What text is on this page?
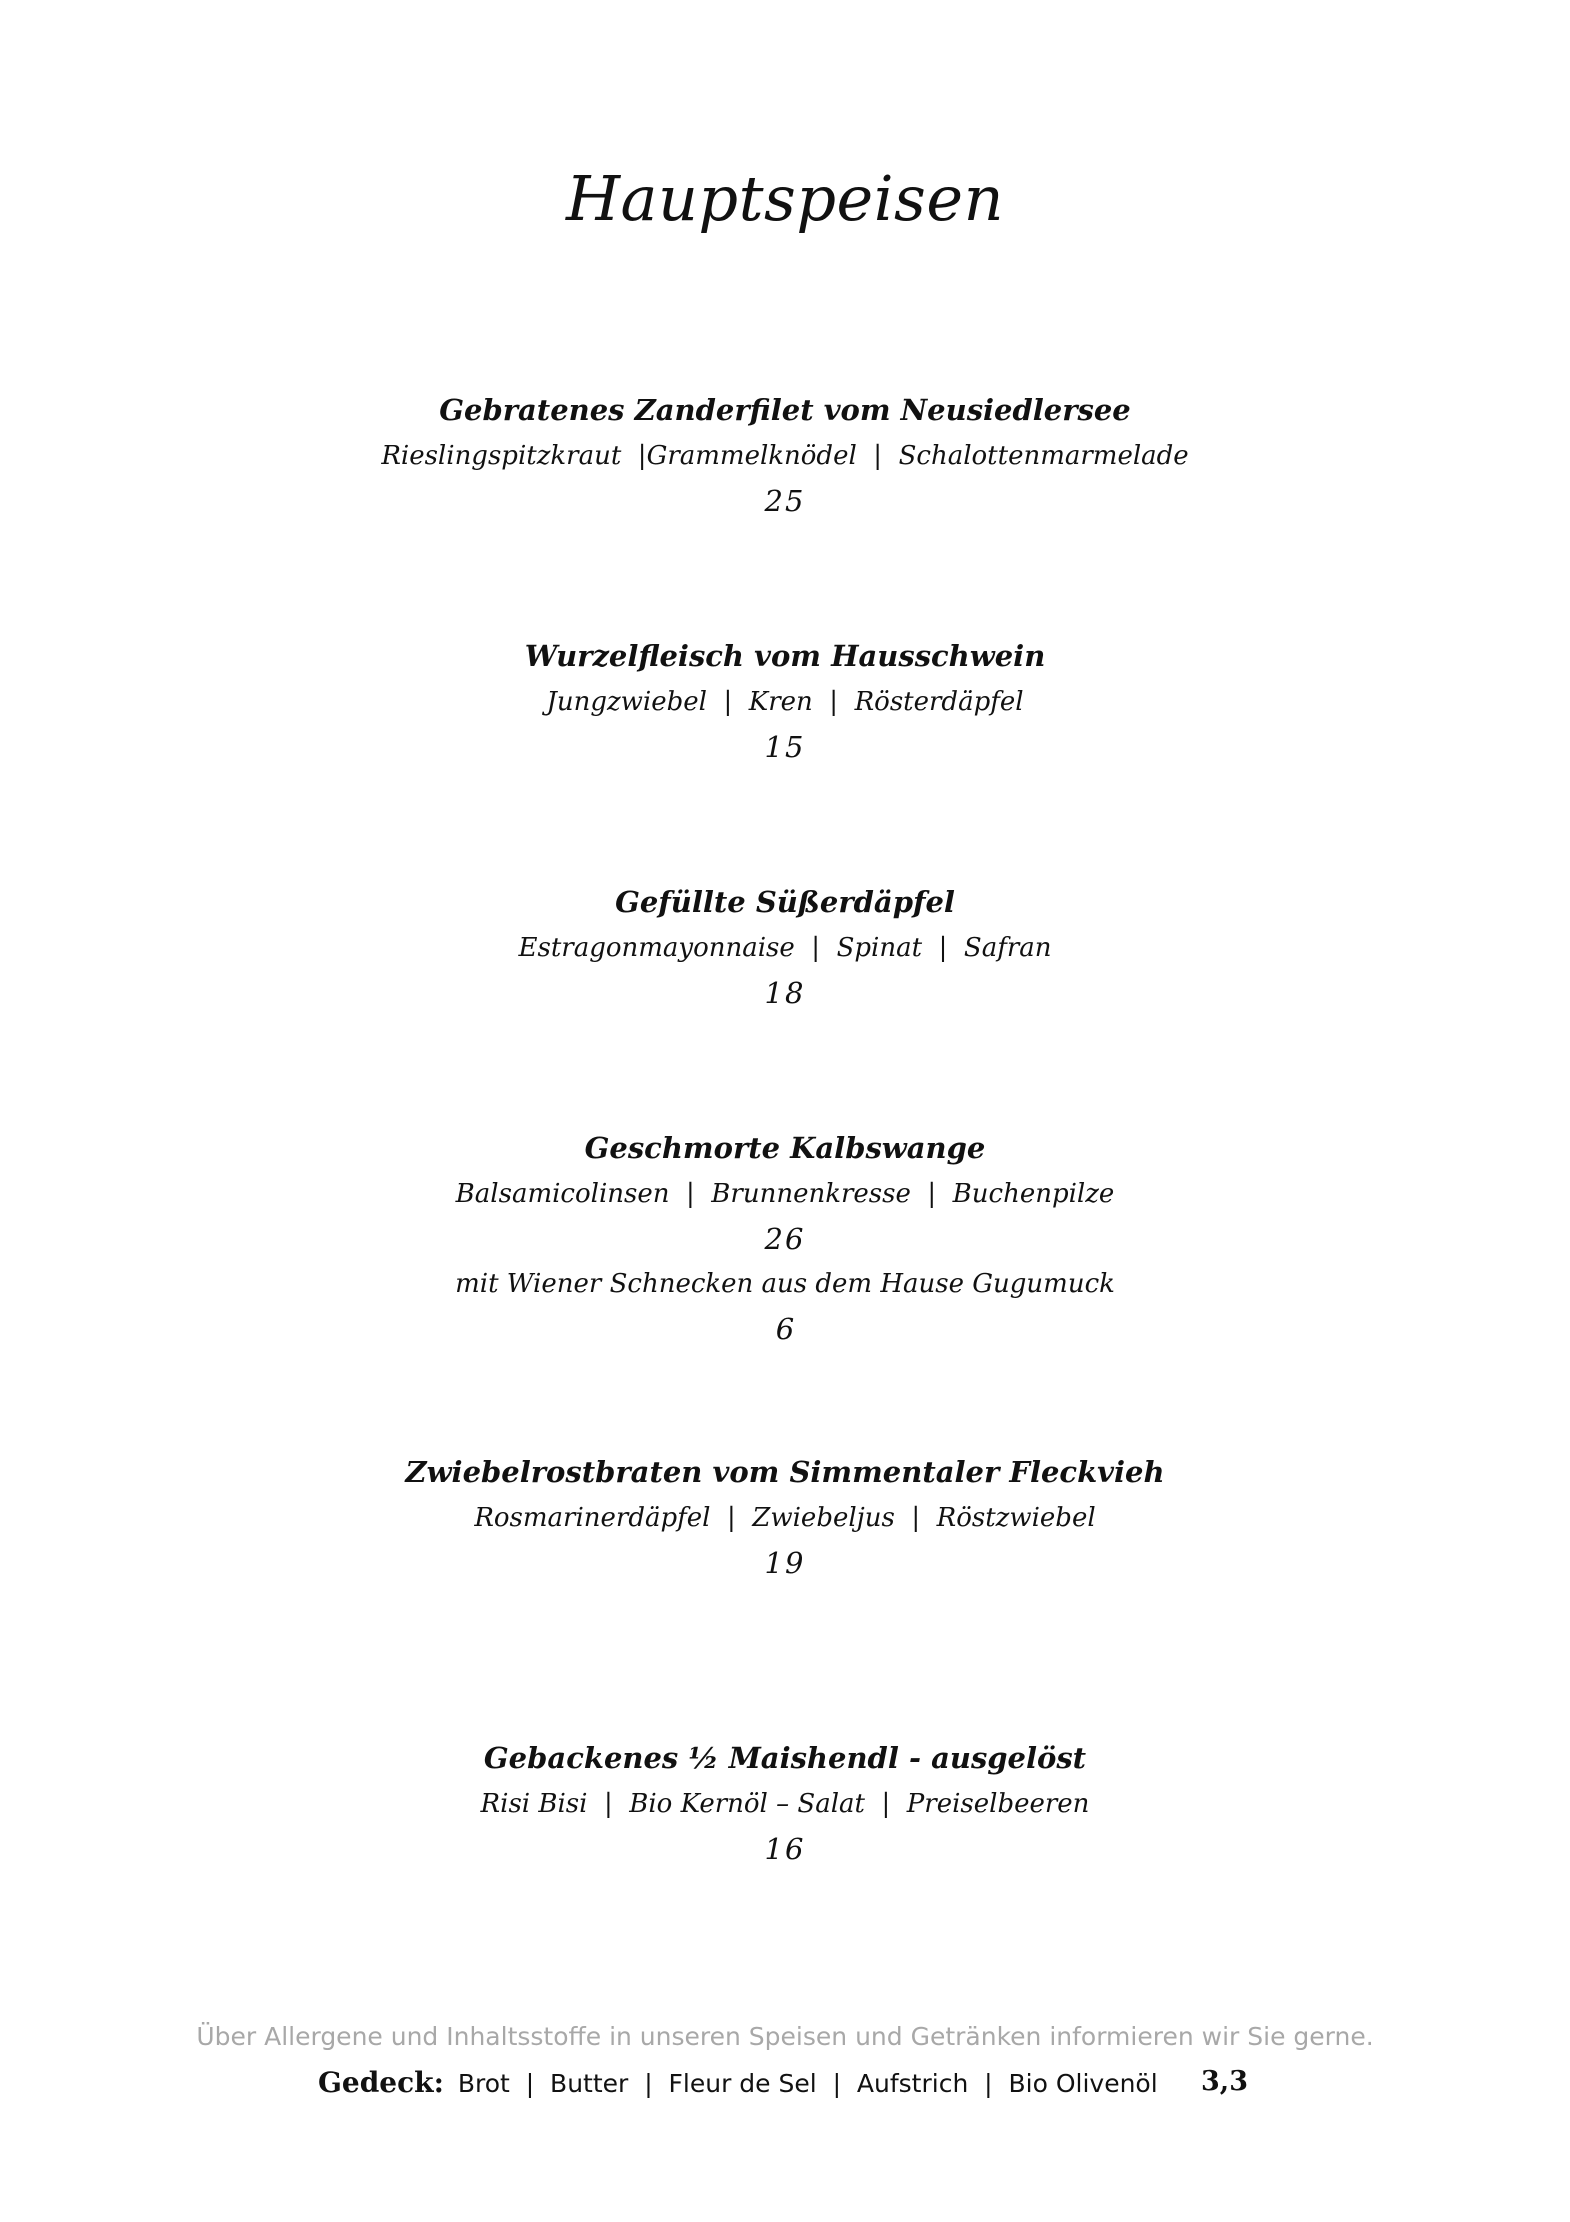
Hauptspeisen
Gebratenes Zanderfilet vom Neusiedlersee
Rieslingspitzkraut  |Grammelknödel  |  Schalottenmarmelade
25
Wurzelfleisch vom Hausschwein
Jungzwiebel  |  Kren  |  Rösterdäpfel
15
Gefüllte Süßerdäpfel
Estragonmayonnaise  |  Spinat  |  Safran
18
Geschmorte Kalbswange
Balsamicolinsen  |  Brunnenkresse  |  Buchenpilze
26
mit Wiener Schnecken aus dem Hause Gugumuck
6
Zwiebelrostbraten vom Simmentaler Fleckvieh
Rosmarinerdäpfel  |  Zwiebeljus  |  Röstzwiebel
19
Gebackenes ½ Maishendl - ausgelöst
Risi Bisi  |  Bio Kernöl – Salat  |  Preiselbeeren
16
Über Allergene und Inhaltsstoffe in unseren Speisen und Getränken informieren wir Sie gerne.
Gedeck: Brot  |  Butter  |  Fleur de Sel  |  Aufstrich  |  Bio Olivenöl 3,3
